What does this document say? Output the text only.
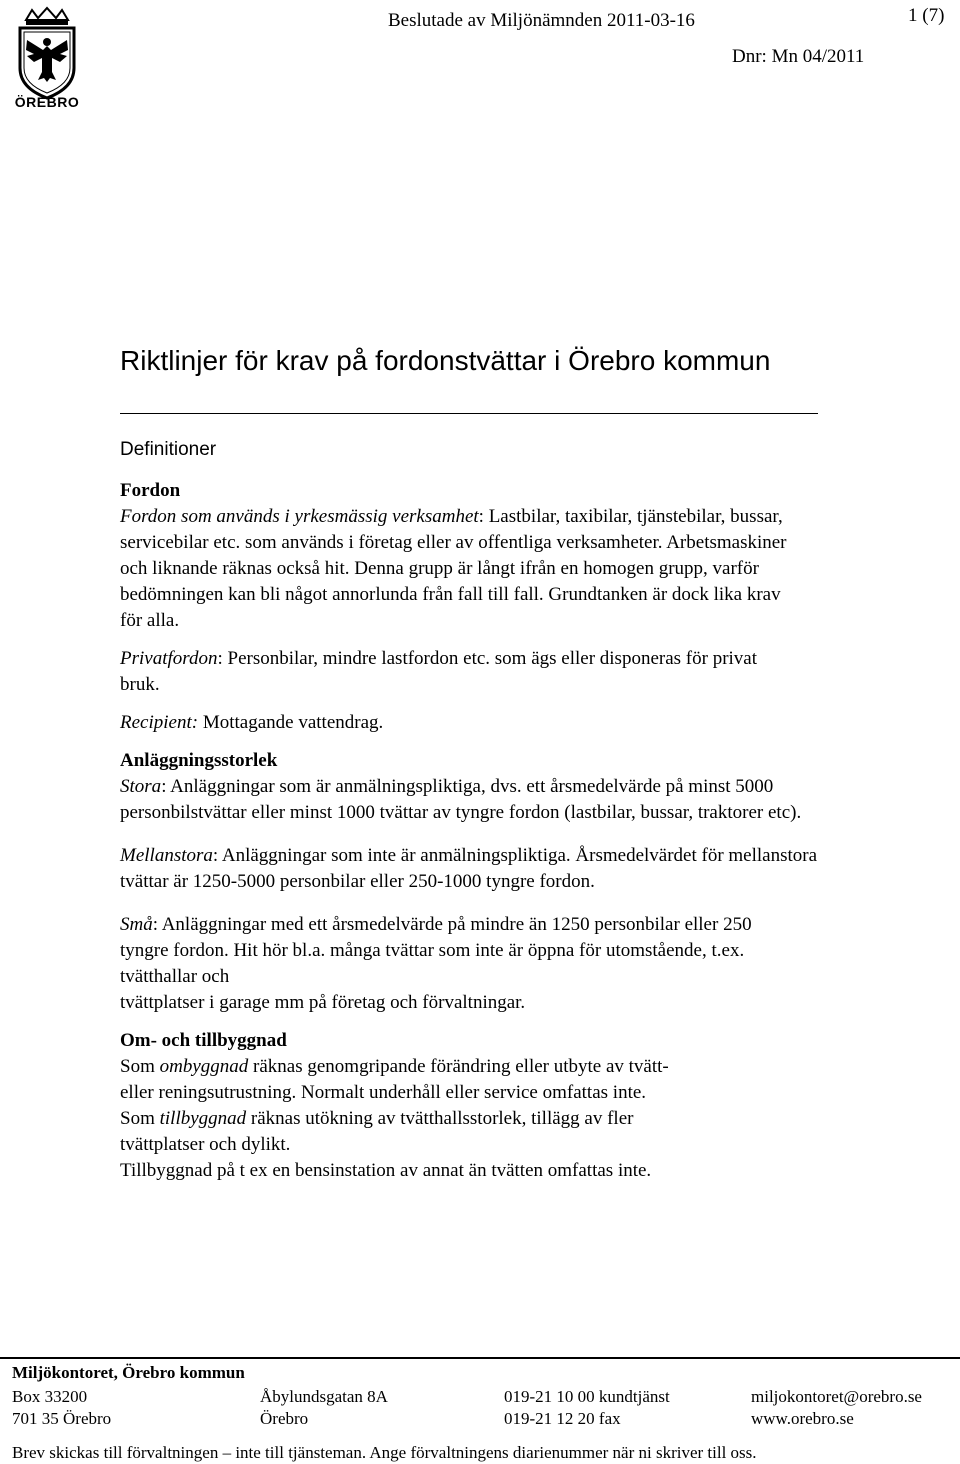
ÖREBRO
Beslutade av Miljönämnden 2011-03-16	1 (7)
Dnr: Mn 04/2011
Riktlinjer för krav på fordonstvättar i Örebro kommun
Definitioner
Fordon

Fordon som används i yrkesmässig verksamhet: Lastbilar, taxibilar, tjänstebilar, bussar, servicebilar etc. som används i företag eller av offentliga verksamheter. Arbetsmaskiner och liknande räknas också hit. Denna grupp är långt ifrån en homogen grupp, varför bedömningen kan bli något annorlunda från fall till fall. Grundtanken är dock lika krav för alla.

Privatfordon: Personbilar, mindre lastfordon etc. som ägs eller disponeras för privat bruk.

Recipient: Mottagande vattendrag.

Anläggningsstorlek

Stora: Anläggningar som är anmälningspliktiga, dvs. ett årsmedelvärde på minst 5000 personbilstvättar eller minst 1000 tvättar av tyngre fordon (lastbilar, bussar, traktorer etc).

Mellanstora: Anläggningar som inte är anmälningspliktiga. Årsmedelvärdet för mellanstora tvättar är 1250-5000 personbilar eller 250-1000 tyngre fordon.

Små: Anläggningar med ett årsmedelvärde på mindre än 1250 personbilar eller 250 tyngre fordon. Hit hör bl.a. många tvättar som inte är öppna för utomstående, t.ex. tvätthallar och

tvättplatser i garage mm på företag och förvaltningar.

Om- och tillbyggnad

Som ombyggnad räknas genomgripande förändring eller utbyte av tvätt-

eller reningsutrustning. Normalt underhåll eller service omfattas inte.

Som tillbyggnad räknas utökning av tvätthallsstorlek, tillägg av fler

tvättplatser och dylikt.

Tillbyggnad på t ex en bensinstation av annat än tvätten omfattas inte.

Miljökontoret, Örebro kommun
Box 33200
701 35 Örebro
Åbylundsgatan 8A
Örebro
019-21 10 00 kundtjänst
019-21 12 20 fax
miljokontoret@orebro.se
www.orebro.se
Brev skickas till förvaltningen – inte till tjänsteman. Ange förvaltningens diarienummer när ni skriver till oss.
